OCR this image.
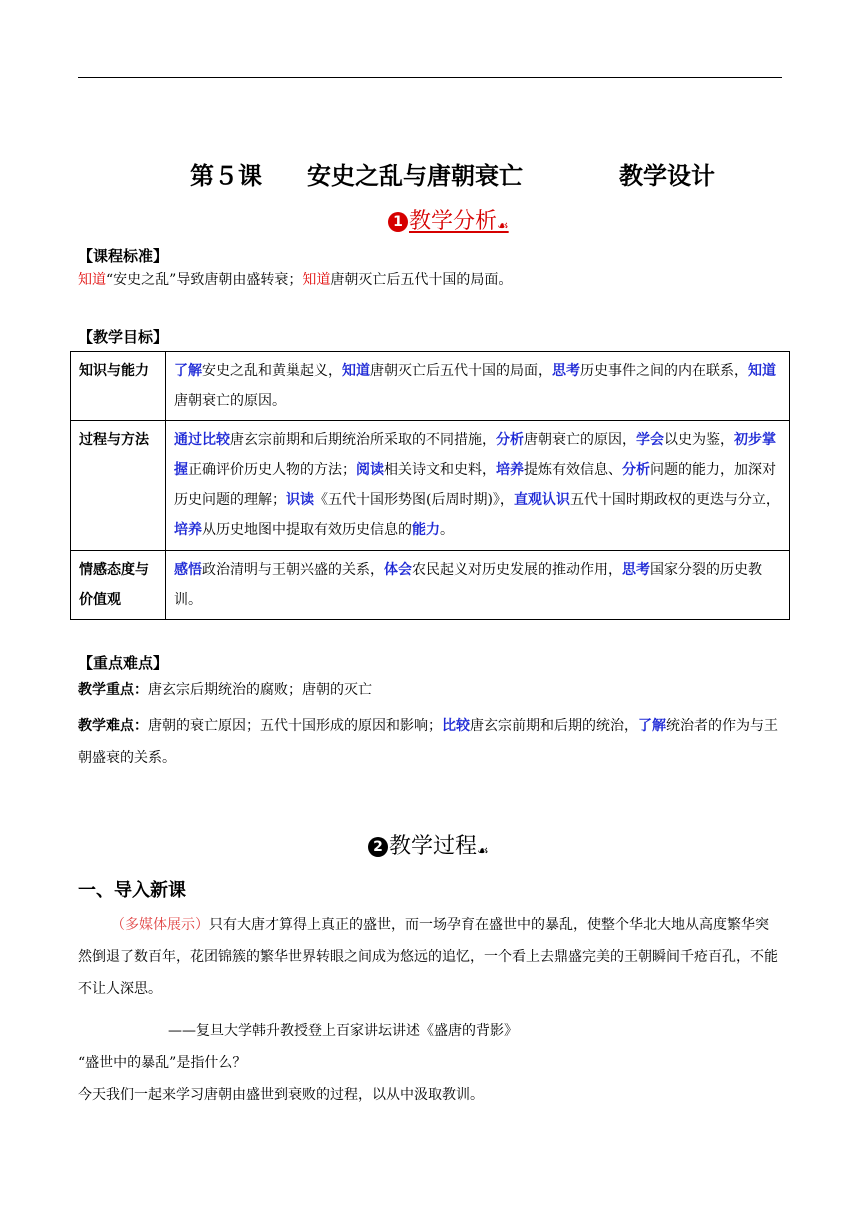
第５课 安史之乱与唐朝衰亡	教学设计
1 教学分析☙
【课程标准】
知道“安史之乱”导致唐朝由盛转衰；知道唐朝灭亡后五代十国的局面。
【教学目标】
知识与能力	了解安史之乱和黄巢起义，知道唐朝灭亡后五代十国的局面，思考历史事件之间的内在联系，知道唐朝衰亡的原因。
过程与方法	通过比较唐玄宗前期和后期统治所采取的不同措施，分析唐朝衰亡的原因，学会以史为鉴，初步掌握正确评价历史人物的方法；阅读相关诗文和史料，培养提炼有效信息、分析问题的能力，加深对历史问题的理解；识读《五代十国形势图(后周时期)》，直观认识五代十国时期政权的更迭与分立，培养从历史地图中提取有效历史信息的能力。
情感态度与价值观	感悟政治清明与王朝兴盛的关系，体会农民起义对历史发展的推动作用，思考国家分裂的历史教训。
【重点难点】
教学重点：唐玄宗后期统治的腐败；唐朝的灭亡
教学难点：唐朝的衰亡原因；五代十国形成的原因和影响；比较唐玄宗前期和后期的统治，了解统治者的作为与王朝盛衰的关系。
2 教学过程☙
一、导入新课
（多媒体展示）只有大唐才算得上真正的盛世，而一场孕育在盛世中的暴乱，使整个华北大地从高度繁华突然倒退了数百年，花团锦簇的繁华世界转眼之间成为悠远的追忆，一个看上去鼎盛完美的王朝瞬间千疮百孔，不能不让人深思。
——复旦大学韩升教授登上百家讲坛讲述《盛唐的背影》
“盛世中的暴乱”是指什么？
今天我们一起来学习唐朝由盛世到衰败的过程，以从中汲取教训。
